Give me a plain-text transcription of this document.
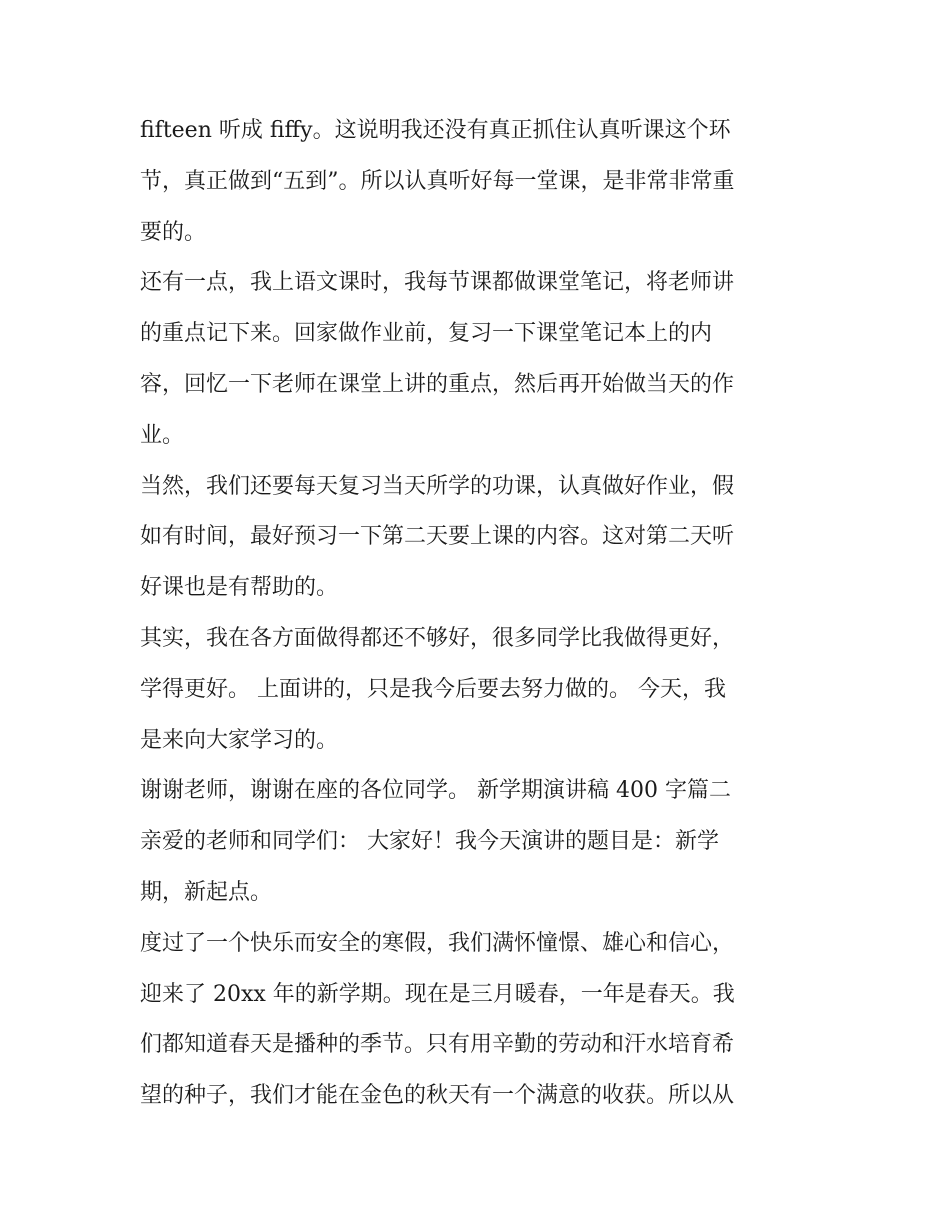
fifteen 听成 fiffy。这说明我还没有真正抓住认真听课这个环
节，真正做到“五到”。所以认真听好每一堂课，是非常非常重
要的。
还有一点，我上语文课时，我每节课都做课堂笔记，将老师讲
的重点记下来。回家做作业前，复习一下课堂笔记本上的内
容，回忆一下老师在课堂上讲的重点，然后再开始做当天的作
业。
当然，我们还要每天复习当天所学的功课，认真做好作业，假
如有时间，最好预习一下第二天要上课的内容。这对第二天听
好课也是有帮助的。
其实，我在各方面做得都还不够好，很多同学比我做得更好，
学得更好。 上面讲的，只是我今后要去努力做的。 今天，我
是来向大家学习的。
谢谢老师，谢谢在座的各位同学。 新学期演讲稿 400 字篇二
亲爱的老师和同学们： 大家好！我今天演讲的题目是：新学
期，新起点。
度过了一个快乐而安全的寒假，我们满怀憧憬、雄心和信心，
迎来了 20xx 年的新学期。现在是三月暖春，一年是春天。我
们都知道春天是播种的季节。只有用辛勤的劳动和汗水培育希
望的种子，我们才能在金色的秋天有一个满意的收获。所以从
